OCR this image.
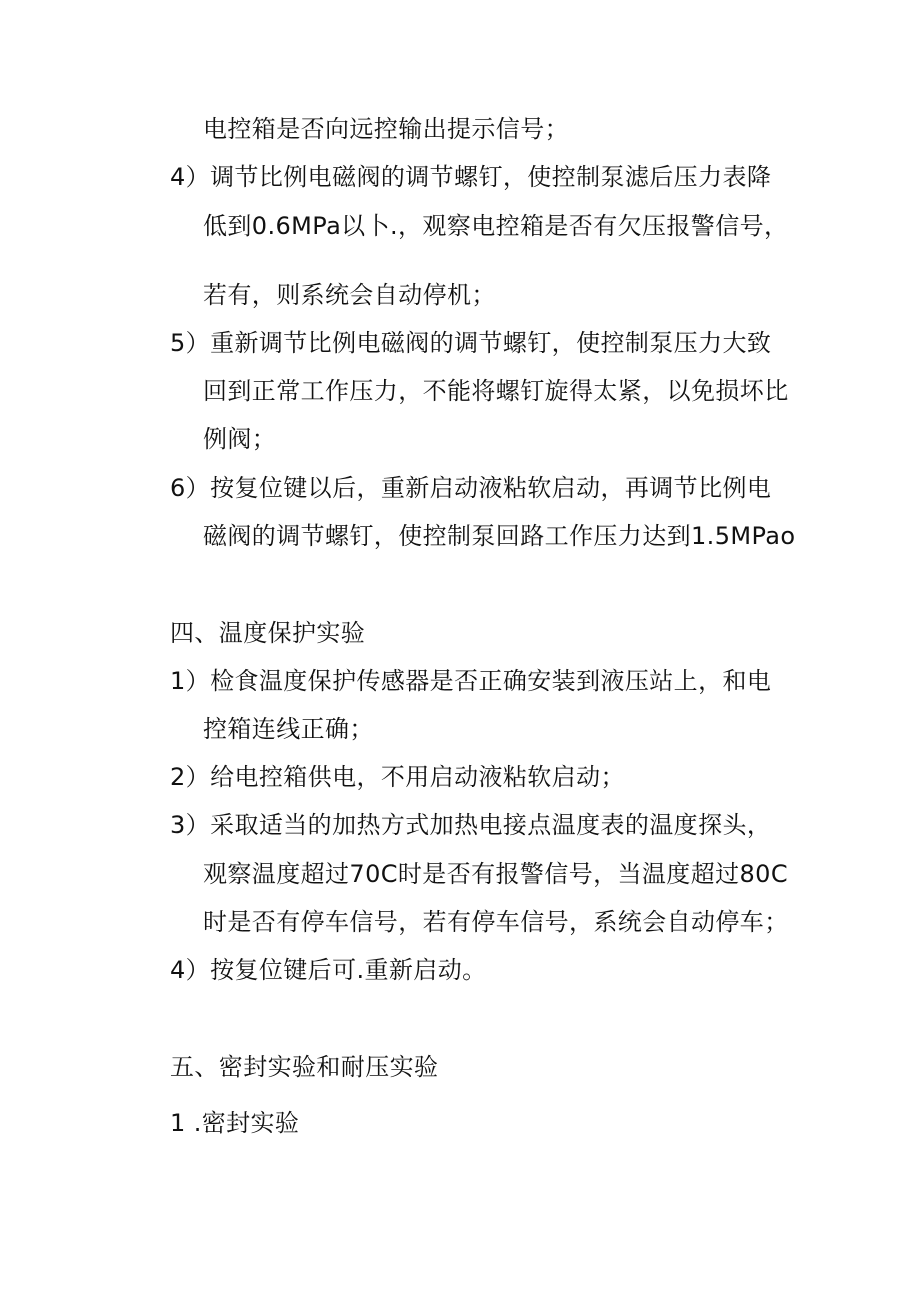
电控箱是否向远控输出提示信号；
4）调节比例电磁阀的调节螺钉，使控制泵滤后压力表降
低到0.6MPa以卜.，观察电控箱是否有欠压报警信号，
若有，则系统会自动停机；
5）重新调节比例电磁阀的调节螺钉，使控制泵压力大致
回到正常工作压力，不能将螺钉旋得太紧，以免损坏比
例阀；
6）按复位键以后，重新启动液粘软启动，再调节比例电
磁阀的调节螺钉，使控制泵回路工作压力达到1.5MPao
四、温度保护实验
1）检食温度保护传感器是否正确安装到液压站上，和电
控箱连线正确；
2）给电控箱供电，不用启动液粘软启动；
3）采取适当的加热方式加热电接点温度表的温度探头，
观察温度超过70C时是否有报警信号，当温度超过80C
时是否有停车信号，若有停车信号，系统会自动停车；
4）按复位键后可.重新启动。
五、密封实验和耐压实验
1 .密封实验
